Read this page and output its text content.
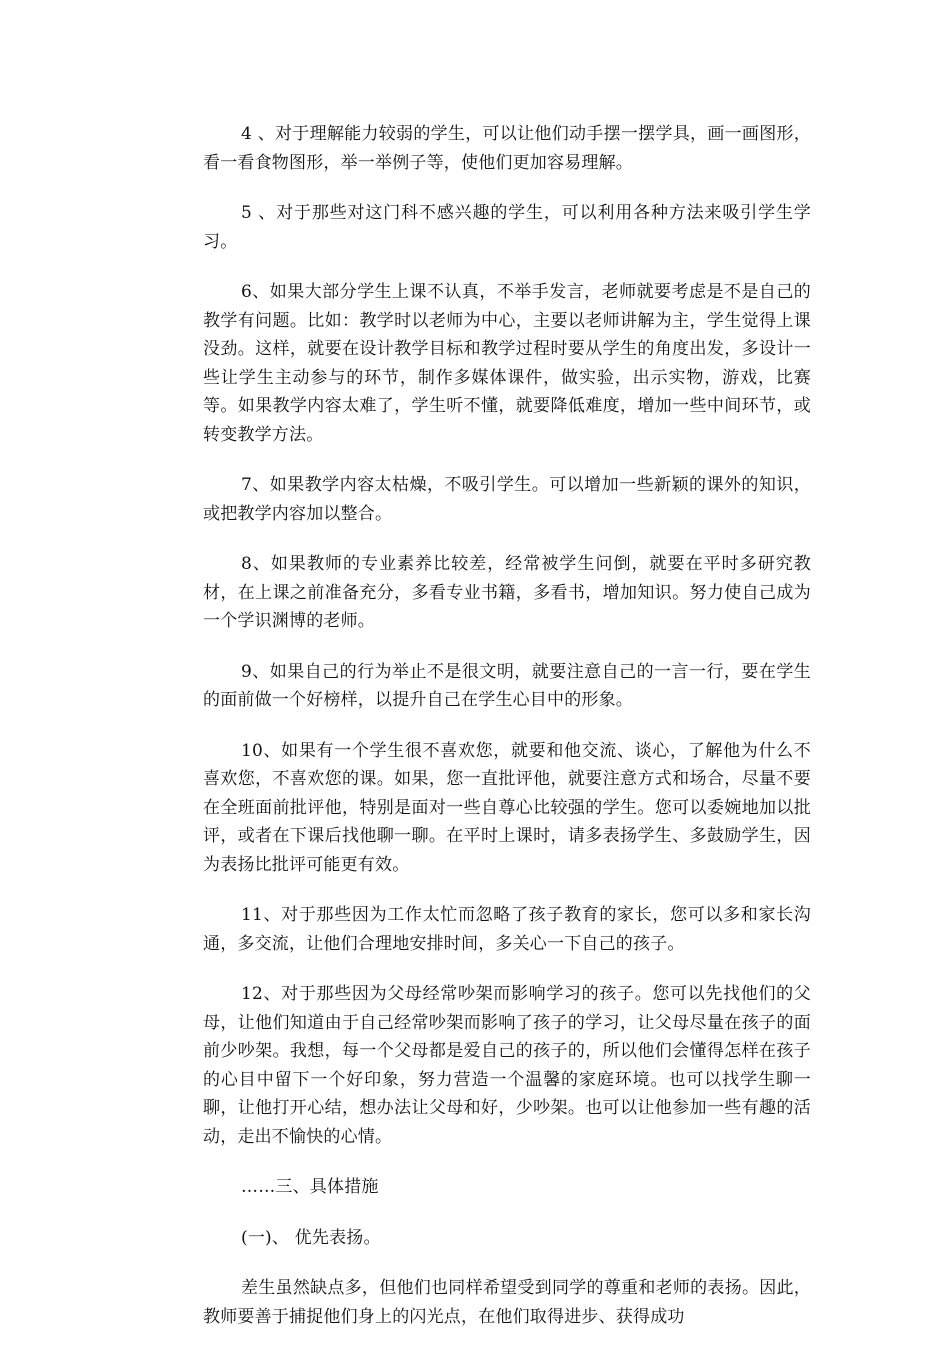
4 、对于理解能力较弱的学生，可以让他们动手摆一摆学具，画一画图形，看一看食物图形，举一举例子等，使他们更加容易理解。

5 、对于那些对这门科不感兴趣的学生，可以利用各种方法来吸引学生学习。

6、如果大部分学生上课不认真，不举手发言，老师就要考虑是不是自己的教学有问题。比如：教学时以老师为中心，主要以老师讲解为主，学生觉得上课没劲。这样，就要在设计教学目标和教学过程时要从学生的角度出发，多设计一些让学生主动参与的环节，制作多媒体课件，做实验，出示实物，游戏，比赛等。如果教学内容太难了，学生听不懂，就要降低难度，增加一些中间环节，或转变教学方法。

7、如果教学内容太枯燥，不吸引学生。可以增加一些新颖的课外的知识，或把教学内容加以整合。

8、如果教师的专业素养比较差，经常被学生问倒，就要在平时多研究教材，在上课之前准备充分，多看专业书籍，多看书，增加知识。努力使自己成为一个学识渊博的老师。

9、如果自己的行为举止不是很文明，就要注意自己的一言一行，要在学生的面前做一个好榜样，以提升自己在学生心目中的形象。

10、如果有一个学生很不喜欢您，就要和他交流、谈心，了解他为什么不喜欢您，不喜欢您的课。如果，您一直批评他，就要注意方式和场合，尽量不要在全班面前批评他，特别是面对一些自尊心比较强的学生。您可以委婉地加以批评，或者在下课后找他聊一聊。在平时上课时，请多表扬学生、多鼓励学生，因为表扬比批评可能更有效。

11、对于那些因为工作太忙而忽略了孩子教育的家长，您可以多和家长沟通，多交流，让他们合理地安排时间，多关心一下自己的孩子。

12、对于那些因为父母经常吵架而影响学习的孩子。您可以先找他们的父母，让他们知道由于自己经常吵架而影响了孩子的学习，让父母尽量在孩子的面前少吵架。我想，每一个父母都是爱自己的孩子的，所以他们会懂得怎样在孩子的心目中留下一个好印象，努力营造一个温馨的家庭环境。也可以找学生聊一聊，让他打开心结，想办法让父母和好，少吵架。也可以让他参加一些有趣的活动，走出不愉快的心情。

……三、具体措施

(一)、 优先表扬。

差生虽然缺点多，但他们也同样希望受到同学的尊重和老师的表扬。因此，教师要善于捕捉他们身上的闪光点，在他们取得进步、获得成功
